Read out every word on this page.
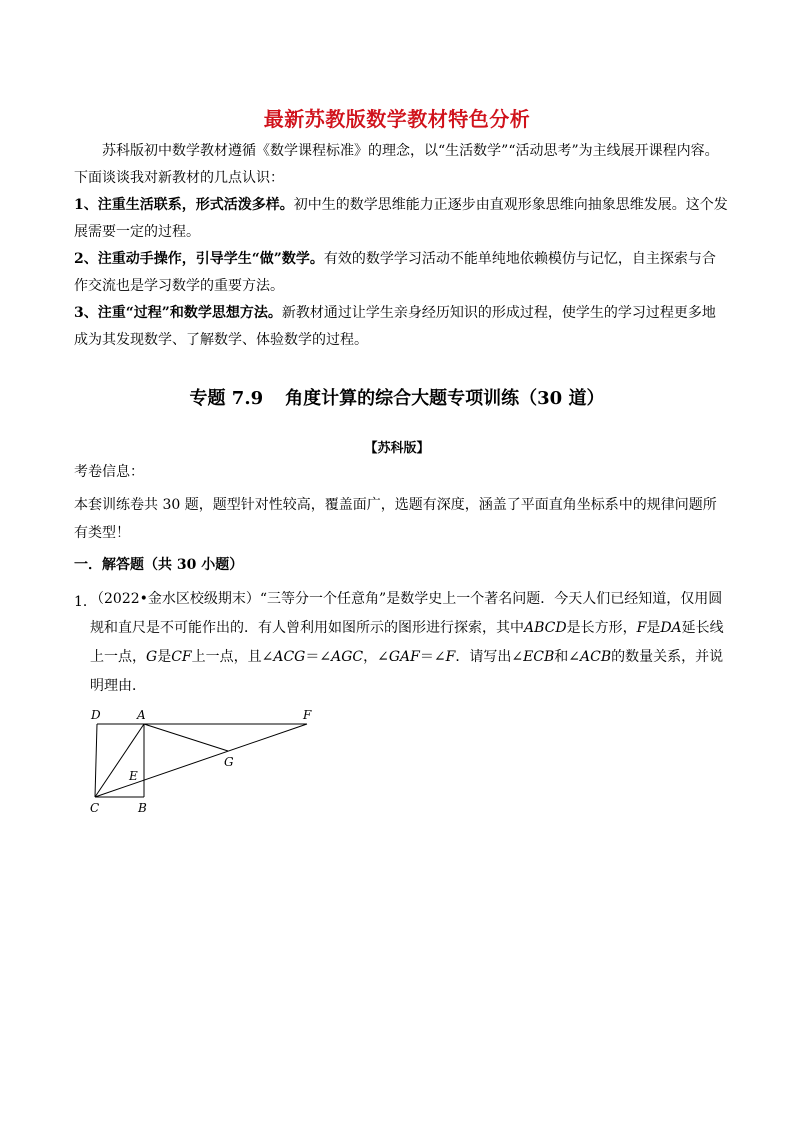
最新苏教版数学教材特色分析
苏科版初中数学教材遵循《数学课程标准》的理念，以“生活数学”“活动思考”为主线展开课程内容。下面谈谈我对新教材的几点认识：
1、注重生活联系，形式活泼多样。初中生的数学思维能力正逐步由直观形象思维向抽象思维发展。这个发展需要一定的过程。
2、注重动手操作，引导学生“做”数学。有效的数学学习活动不能单纯地依赖模仿与记忆，自主探索与合作交流也是学习数学的重要方法。
3、注重“过程”和数学思想方法。新教材通过让学生亲身经历知识的形成过程，使学生的学习过程更多地成为其发现数学、了解数学、体验数学的过程。
专题 7.9 角度计算的综合大题专项训练（30 道）
【苏科版】
考卷信息：
本套训练卷共 30 题，题型针对性较高，覆盖面广，选题有深度，涵盖了平面直角坐标系中的规律问题所有类型！
一．解答题（共 30 小题）
1．
（2022•金水区校级期末）“三等分一个任意角”是数学史上一个著名问题．今天人们已经知道，仅用圆规和直尺是不可能作出的．有人曾利用如图所示的图形进行探索，其中ABCD是长方形，F是DA延长线上一点，G是CF上一点，且∠ACG＝∠AGC，∠GAF＝∠F．请写出∠ECB和∠ACB的数量关系，并说明理由．
D	A	F
G
E
C	B
